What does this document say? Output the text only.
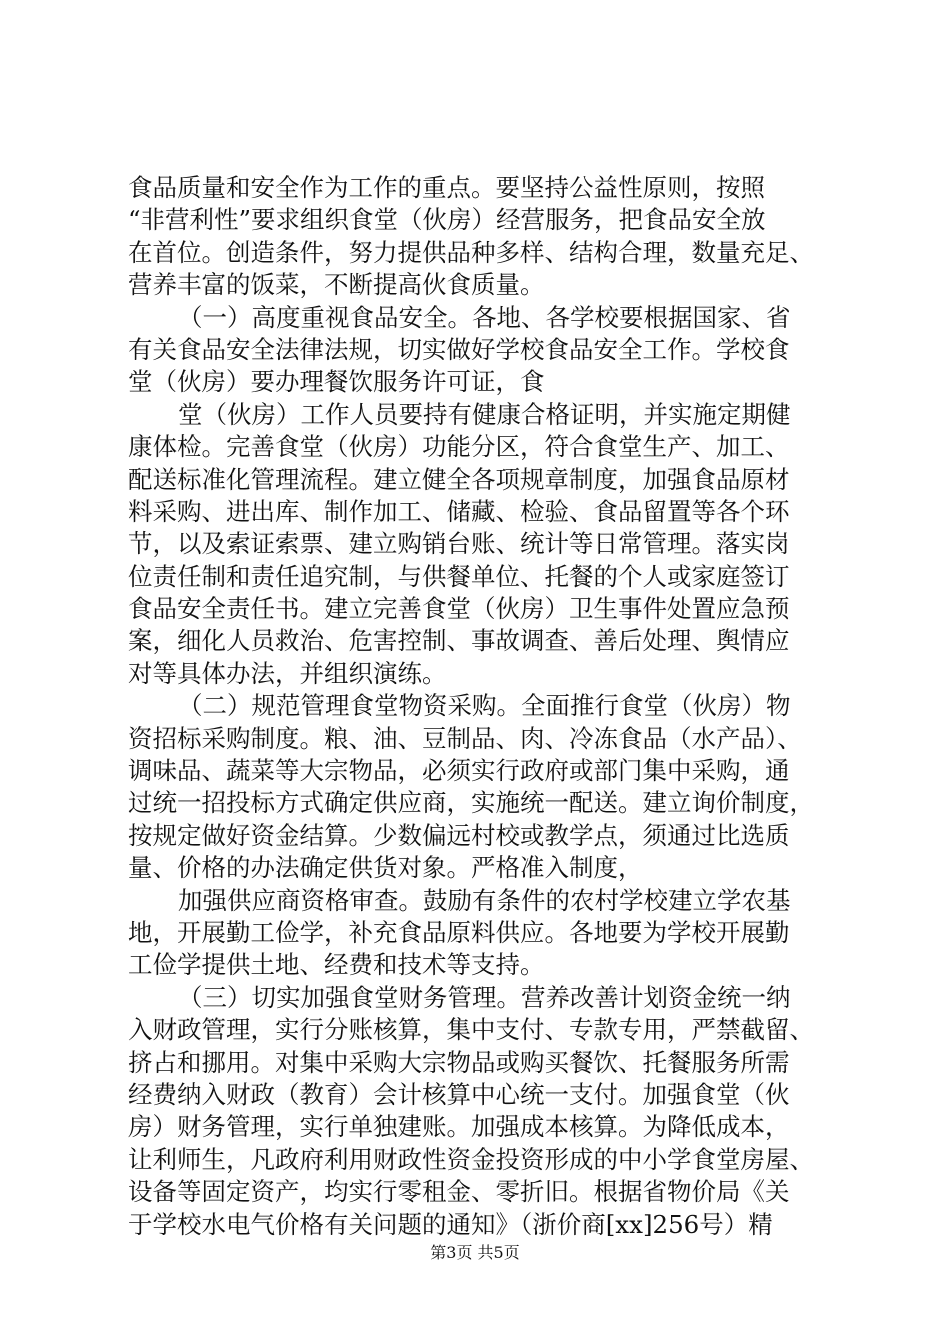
食品质量和安全作为工作的重点。要坚持公益性原则，按照
“非营利性”要求组织食堂（伙房）经营服务，把食品安全放
在首位。创造条件，努力提供品种多样、结构合理，数量充足、
营养丰富的饭菜，不断提高伙食质量。
（一）高度重视食品安全。各地、各学校要根据国家、省
有关食品安全法律法规，切实做好学校食品安全工作。学校食
堂（伙房）要办理餐饮服务许可证，食
堂（伙房）工作人员要持有健康合格证明，并实施定期健
康体检。完善食堂（伙房）功能分区，符合食堂生产、加工、
配送标准化管理流程。建立健全各项规章制度，加强食品原材
料采购、进出库、制作加工、储藏、检验、食品留置等各个环
节，以及索证索票、建立购销台账、统计等日常管理。落实岗
位责任制和责任追究制，与供餐单位、托餐的个人或家庭签订
食品安全责任书。建立完善食堂（伙房）卫生事件处置应急预
案，细化人员救治、危害控制、事故调查、善后处理、舆情应
对等具体办法，并组织演练。
（二）规范管理食堂物资采购。全面推行食堂（伙房）物
资招标采购制度。粮、油、豆制品、肉、冷冻食品（水产品）、
调味品、蔬菜等大宗物品，必须实行政府或部门集中采购，通
过统一招投标方式确定供应商，实施统一配送。建立询价制度，
按规定做好资金结算。少数偏远村校或教学点，须通过比选质
量、价格的办法确定供货对象。严格准入制度，
加强供应商资格审查。鼓励有条件的农村学校建立学农基
地，开展勤工俭学，补充食品原料供应。各地要为学校开展勤
工俭学提供土地、经费和技术等支持。
（三）切实加强食堂财务管理。营养改善计划资金统一纳
入财政管理，实行分账核算，集中支付、专款专用，严禁截留、
挤占和挪用。对集中采购大宗物品或购买餐饮、托餐服务所需
经费纳入财政（教育）会计核算中心统一支付。加强食堂（伙
房）财务管理，实行单独建账。加强成本核算。为降低成本，
让利师生，凡政府利用财政性资金投资形成的中小学食堂房屋、
设备等固定资产，均实行零租金、零折旧。根据省物价局《关
于学校水电气价格有关问题的通知》（浙价商[xx]256号）精
第3页 共5页
